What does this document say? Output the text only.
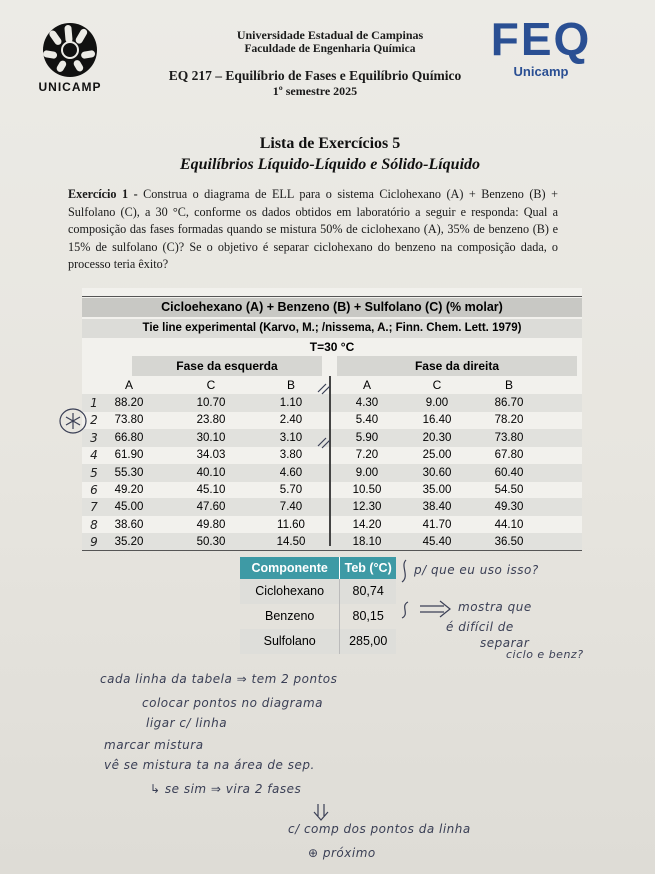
UNICAMP
Universidade Estadual de Campinas
Faculdade de Engenharia Química
EQ 217 – Equilíbrio de Fases e Equilíbrio Químico
1º semestre 2025
FEQ
Unicamp
Lista de Exercícios 5
Equilíbrios Líquido-Líquido e Sólido-Líquido
Exercício 1 - Construa o diagrama de ELL para o sistema Ciclohexano (A) + Benzeno (B) + Sulfolano (C), a 30 °C, conforme os dados obtidos em laboratório a seguir e responda: Qual a composição das fases formadas quando se mistura 50% de ciclohexano (A), 35% de benzeno (B) e 15% de sulfolano (C)? Se o objetivo é separar ciclohexano do benzeno na composição dada, o processo teria êxito?
Cicloehexano (A) + Benzeno (B) + Sulfolano (C) (% molar)
Tie line experimental (Karvo, M.; /nissema, A.; Finn. Chem. Lett. 1979)
T=30 °C
Fase da esquerda	Fase da direita
A	C	B	A	C	B
1	88.20	10.70	1.10	4.30	9.00	86.70
2	73.80	23.80	2.40	5.40	16.40	78.20
3	66.80	30.10	3.10	5.90	20.30	73.80
4	61.90	34.03	3.80	7.20	25.00	67.80
5	55.30	40.10	4.60	9.00	30.60	60.40
6	49.20	45.10	5.70	10.50	35.00	54.50
7	45.00	47.60	7.40	12.30	38.40	49.30
8	38.60	49.80	11.60	14.20	41.70	44.10
9	35.20	50.30	14.50	18.10	45.40	36.50
Componente	Teb (°C)
Ciclohexano	80,74
Benzeno	80,15
Sulfolano	285,00
p/ que eu uso isso?
mostra que
é difícil de
separar
ciclo e benz?
cada linha da tabela ⇒ tem 2 pontos
colocar pontos no diagrama
ligar c/ linha
marcar mistura
vê se mistura ta na área de sep.
↳ se sim ⇒ vira 2 fases
c/ comp dos pontos da linha
⊕ próximo
